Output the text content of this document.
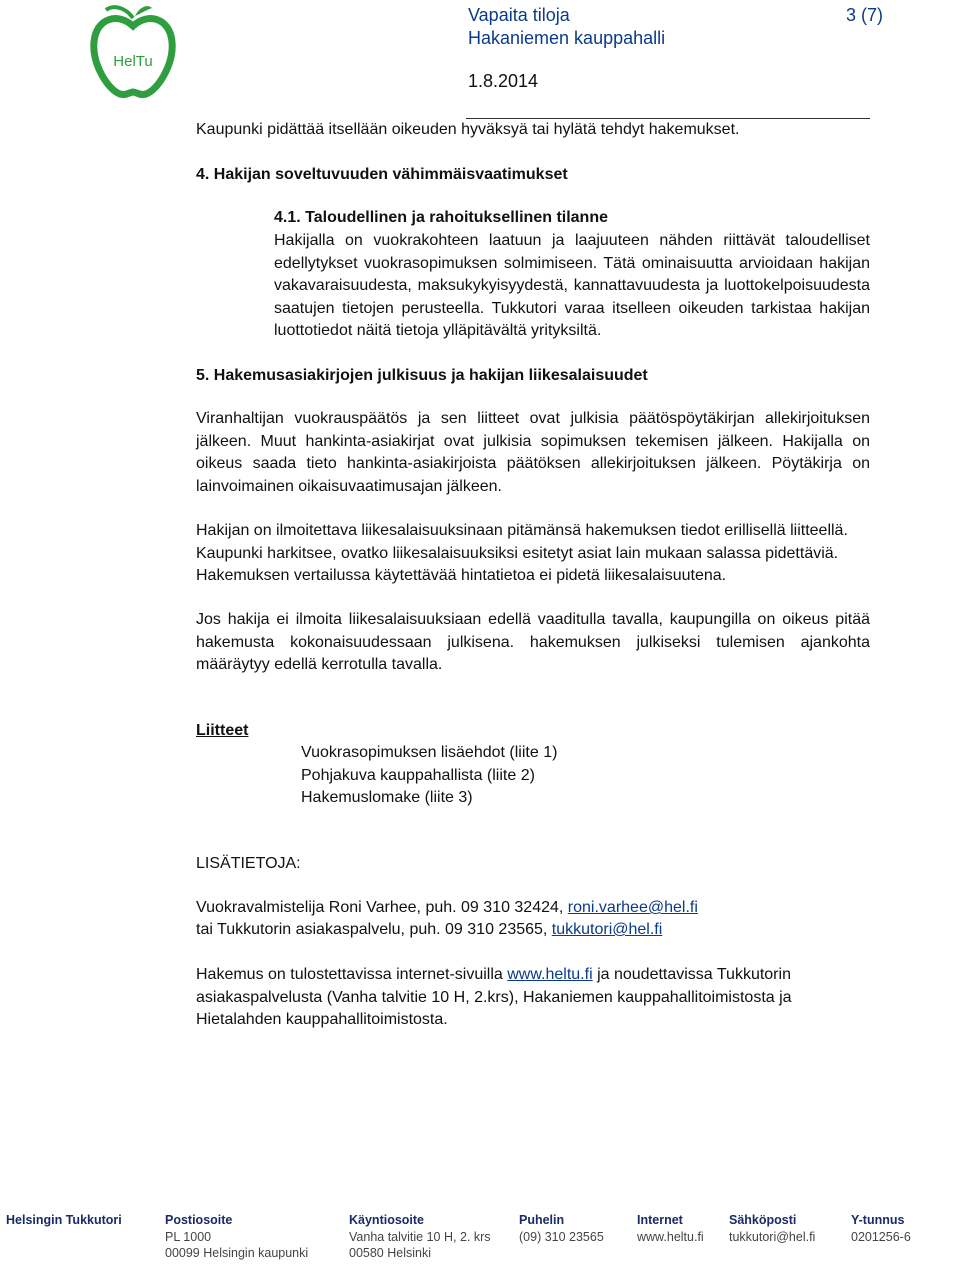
HelTu
Vapaita tiloja	3 (7)
Hakaniemen kauppahalli
1.8.2014
Kaupunki pidättää itsellään oikeuden hyväksyä tai hylätä tehdyt hakemukset.
4. Hakijan soveltuvuuden vähimmäisvaatimukset
4.1. Taloudellinen ja rahoituksellinen tilanne
Hakijalla on vuokrakohteen laatuun ja laajuuteen nähden riittävät taloudelliset edellytykset vuokrasopimuksen solmimiseen. Tätä ominaisuutta arvioidaan hakijan vakavaraisuudesta, maksukykyisyydestä, kannattavuudesta ja luottokelpoisuudesta saatujen tietojen perusteella. Tukkutori varaa itselleen oikeuden tarkistaa hakijan luottotiedot näitä tietoja ylläpitävältä yrityksiltä.
5. Hakemusasiakirjojen julkisuus ja hakijan liikesalaisuudet
Viranhaltijan vuokrauspäätös ja sen liitteet ovat julkisia päätöspöytäkirjan allekirjoituksen jälkeen. Muut hankinta-asiakirjat ovat julkisia sopimuksen tekemisen jälkeen. Hakijalla on oikeus saada tieto hankinta-asiakirjoista päätöksen allekirjoituksen jälkeen. Pöytäkirja on lainvoimainen oikaisuvaatimusajan jälkeen.
Hakijan on ilmoitettava liikesalaisuuksinaan pitämänsä hakemuksen tiedot erillisellä liitteellä.
Kaupunki harkitsee, ovatko liikesalaisuuksiksi esitetyt asiat lain mukaan salassa pidettäviä.
Hakemuksen vertailussa käytettävää hintatietoa ei pidetä liikesalaisuutena.
Jos hakija ei ilmoita liikesalaisuuksiaan edellä vaaditulla tavalla, kaupungilla on oikeus pitää hakemusta kokonaisuudessaan julkisena. hakemuksen julkiseksi tulemisen ajankohta määräytyy edellä kerrotulla tavalla.
Liitteet
Vuokrasopimuksen lisäehdot (liite 1)
Pohjakuva kauppahallista (liite 2)
Hakemuslomake (liite 3)
LISÄTIETOJA:
Vuokravalmistelija Roni Varhee, puh. 09 310 32424, roni.varhee@hel.fi
tai Tukkutorin asiakaspalvelu, puh. 09 310 23565, tukkutori@hel.fi
Hakemus on tulostettavissa internet-sivuilla www.heltu.fi ja noudettavissa Tukkutorin asiakaspalvelusta (Vanha talvitie 10 H, 2.krs), Hakaniemen kauppahallitoimistosta ja Hietalahden kauppahallitoimistosta.
Helsingin Tukkutori	Postiosoite
PL 1000
00099 Helsingin kaupunki
Käyntiosoite
Vanha talvitie 10 H, 2. krs
00580 Helsinki
Puhelin
(09) 310 23565
Internet
www.heltu.fi
Sähköposti
tukkutori@hel.fi
Y-tunnus
0201256-6
